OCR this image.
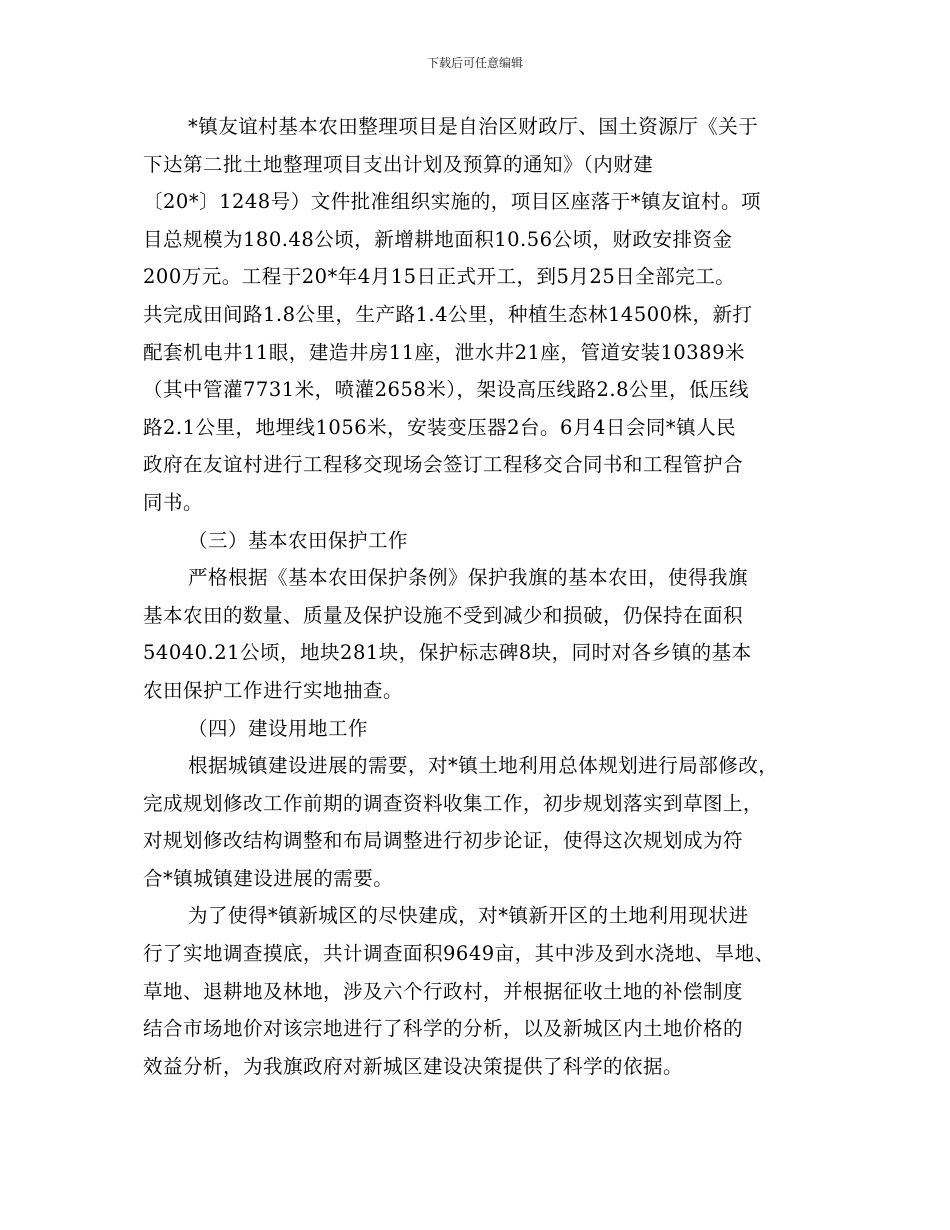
下载后可任意编辑
*镇友谊村基本农田整理项目是自治区财政厅、国土资源厅《关于
下达第二批土地整理项目支出计划及预算的通知》（内财建
〔20*〕1248号）文件批准组织实施的，项目区座落于*镇友谊村。项
目总规模为180.48公顷，新增耕地面积10.56公顷，财政安排资金
200万元。工程于20*年4月15日正式开工，到5月25日全部完工。
共完成田间路1.8公里，生产路1.4公里，种植生态林14500株，新打
配套机电井11眼，建造井房11座，泄水井21座，管道安装10389米
（其中管灌7731米，喷灌2658米），架设高压线路2.8公里，低压线
路2.1公里，地埋线1056米，安装变压器2台。6月4日会同*镇人民
政府在友谊村进行工程移交现场会签订工程移交合同书和工程管护合
同书。
（三）基本农田保护工作
严格根据《基本农田保护条例》保护我旗的基本农田，使得我旗
基本农田的数量、质量及保护设施不受到减少和损破，仍保持在面积
54040.21公顷，地块281块，保护标志碑8块，同时对各乡镇的基本
农田保护工作进行实地抽查。
（四）建设用地工作
根据城镇建设进展的需要，对*镇土地利用总体规划进行局部修改，
完成规划修改工作前期的调查资料收集工作，初步规划落实到草图上，
对规划修改结构调整和布局调整进行初步论证，使得这次规划成为符
合*镇城镇建设进展的需要。
为了使得*镇新城区的尽快建成，对*镇新开区的土地利用现状进
行了实地调查摸底，共计调查面积9649亩，其中涉及到水浇地、旱地、
草地、退耕地及林地，涉及六个行政村，并根据征收土地的补偿制度
结合市场地价对该宗地进行了科学的分析，以及新城区内土地价格的
效益分析，为我旗政府对新城区建设决策提供了科学的依据。
